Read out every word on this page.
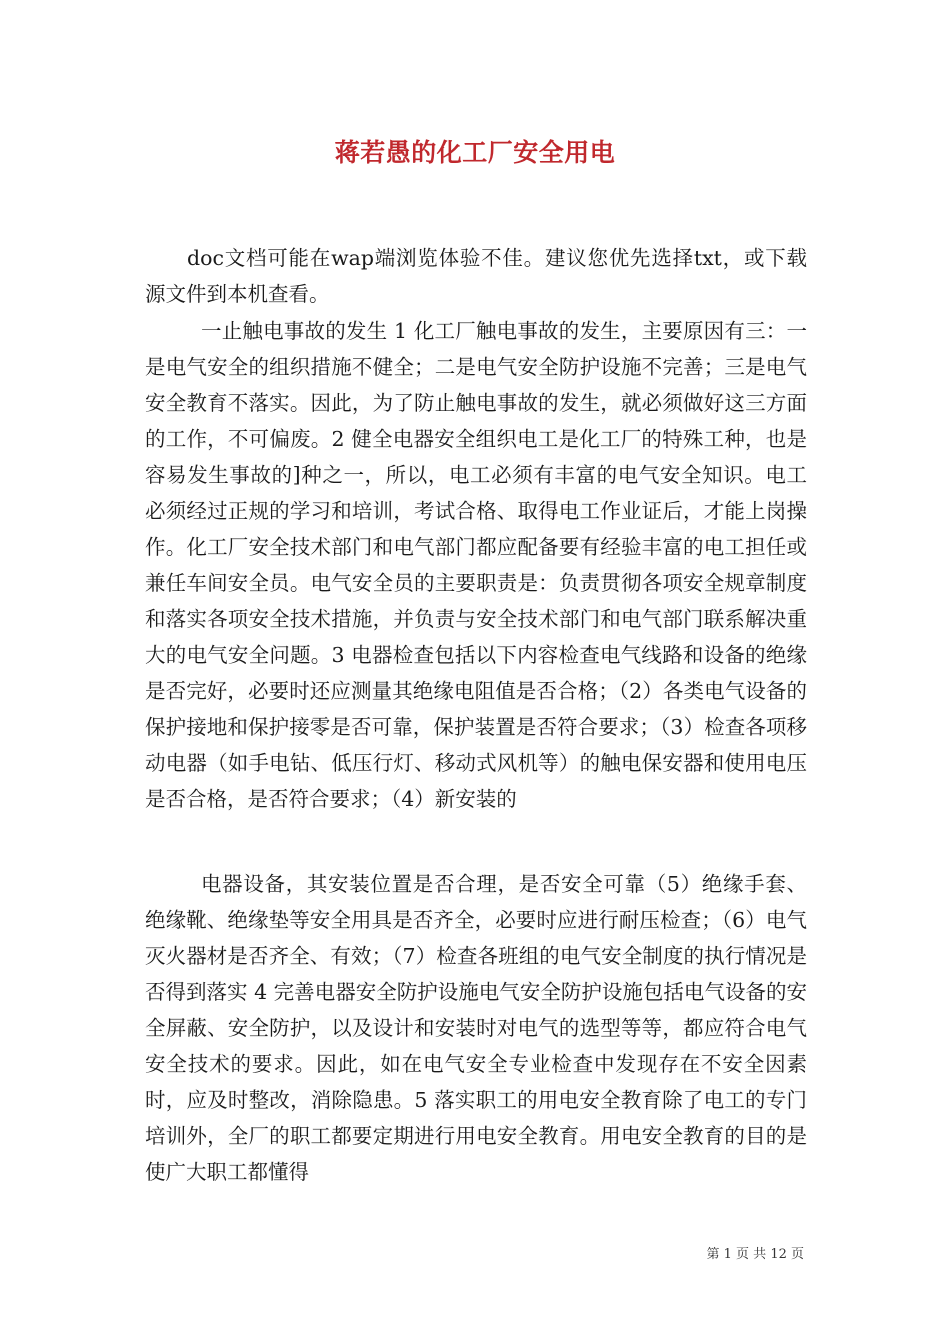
蒋若愚的化工厂安全用电

doc文档可能在wap端浏览体验不佳。建议您优先选择txt，或下载源文件到本机查看。

一止触电事故的发生 1 化工厂触电事故的发生，主要原因有三：一是电气安全的组织措施不健全；二是电气安全防护设施不完善；三是电气安全教育不落实。因此，为了防止触电事故的发生，就必须做好这三方面的工作，不可偏废。2 健全电器安全组织电工是化工厂的特殊工种，也是容易发生事故的]种之一，所以，电工必须有丰富的电气安全知识。电工必须经过正规的学习和培训，考试合格、取得电工作业证后，才能上岗操作。化工厂安全技术部门和电气部门都应配备要有经验丰富的电工担任或兼任车间安全员。电气安全员的主要职责是：负责贯彻各项安全规章制度和落实各项安全技术措施，并负责与安全技术部门和电气部门联系解决重大的电气安全问题。3 电器检查包括以下内容检查电气线路和设备的绝缘是否完好，必要时还应测量其绝缘电阻值是否合格；（2）各类电气设备的保护接地和保护接零是否可靠，保护装置是否符合要求；（3）检查各项移动电器（如手电钻、低压行灯、移动式风机等）的触电保安器和使用电压是否合格，是否符合要求；（4）新安装的

电器设备，其安装位置是否合理，是否安全可靠（5）绝缘手套、绝缘靴、绝缘垫等安全用具是否齐全，必要时应进行耐压检查；（6）电气灭火器材是否齐全、有效；（7）检查各班组的电气安全制度的执行情况是否得到落实 4 完善电器安全防护设施电气安全防护设施包括电气设备的安全屏蔽、安全防护，以及设计和安装时对电气的选型等等，都应符合电气安全技术的要求。因此，如在电气安全专业检查中发现存在不安全因素时，应及时整改，消除隐患。5 落实职工的用电安全教育除了电工的专门培训外，全厂的职工都要定期进行用电安全教育。用电安全教育的目的是使广大职工都懂得

第 1 页 共 12 页
